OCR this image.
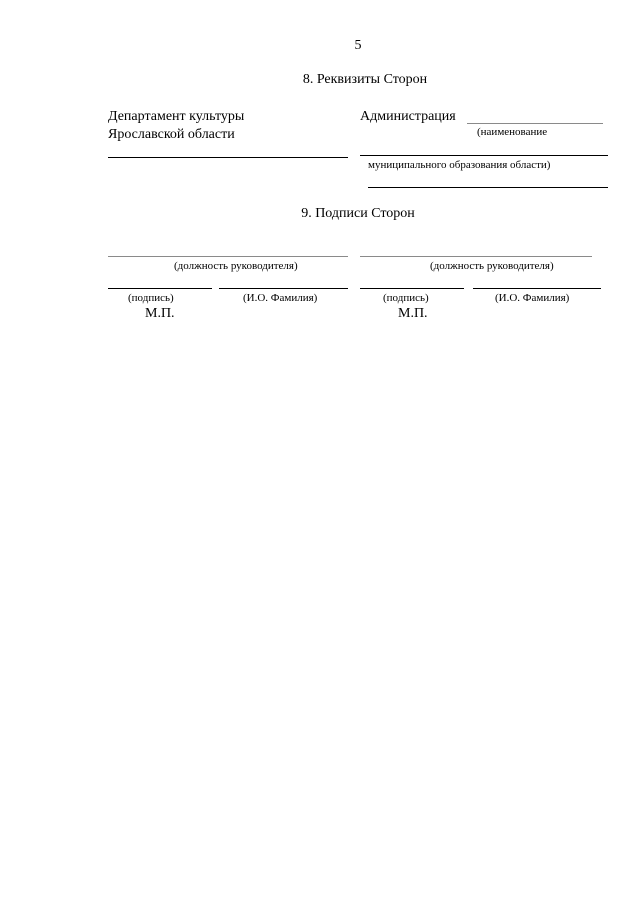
5
8. Реквизиты Сторон
Департамент культуры
Ярославской области
Администрация
(наименование
муниципального образования области)
9. Подписи Сторон
(должность руководителя)
(подпись)	(И.О. Фамилия)
М.П.
(должность руководителя)
(подпись)	(И.О. Фамилия)
М.П.
